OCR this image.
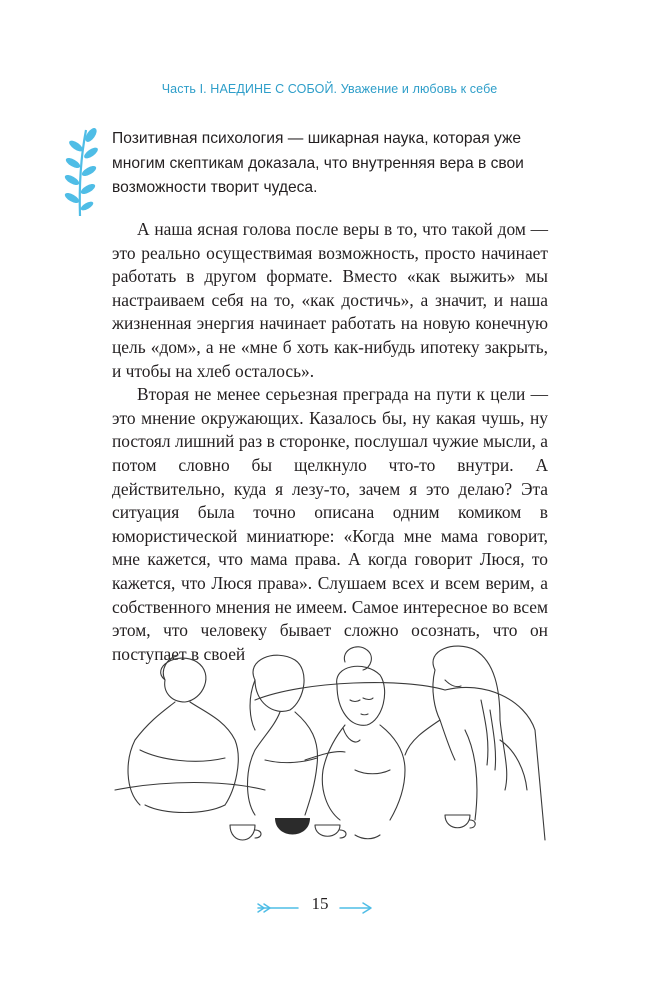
Часть I. НАЕДИНЕ С СОБОЙ. Уважение и любовь к себе
Позитивная психология — шикарная наука, которая уже многим скептикам доказала, что внутренняя вера в свои возможности творит чудеса.

А наша ясная голова после веры в то, что такой дом — это реально осуществимая возможность, просто начинает работать в другом формате. Вместо «как выжить» мы настраиваем себя на то, «как достичь», а значит, и наша жизненная энергия начинает работать на новую конечную цель «дом», а не «мне б хоть как-нибудь ипотеку закрыть, и чтобы на хлеб осталось».

Вторая не менее серьезная преграда на пути к цели — это мнение окружающих. Казалось бы, ну какая чушь, ну постоял лишний раз в сторонке, послушал чужие мысли, а потом словно бы щелкнуло что-то внутри. А действительно, куда я лезу-то, зачем я это делаю? Эта ситуация была точно описана одним комиком в юмористической миниатюре: «Когда мне мама говорит, мне кажется, что мама права. А когда говорит Люся, то кажется, что Люся права». Слушаем всех и всем верим, а собственного мнения не имеем. Самое интересное во всем этом, что человеку бывает сложно осознать, что он поступает в своей

15
